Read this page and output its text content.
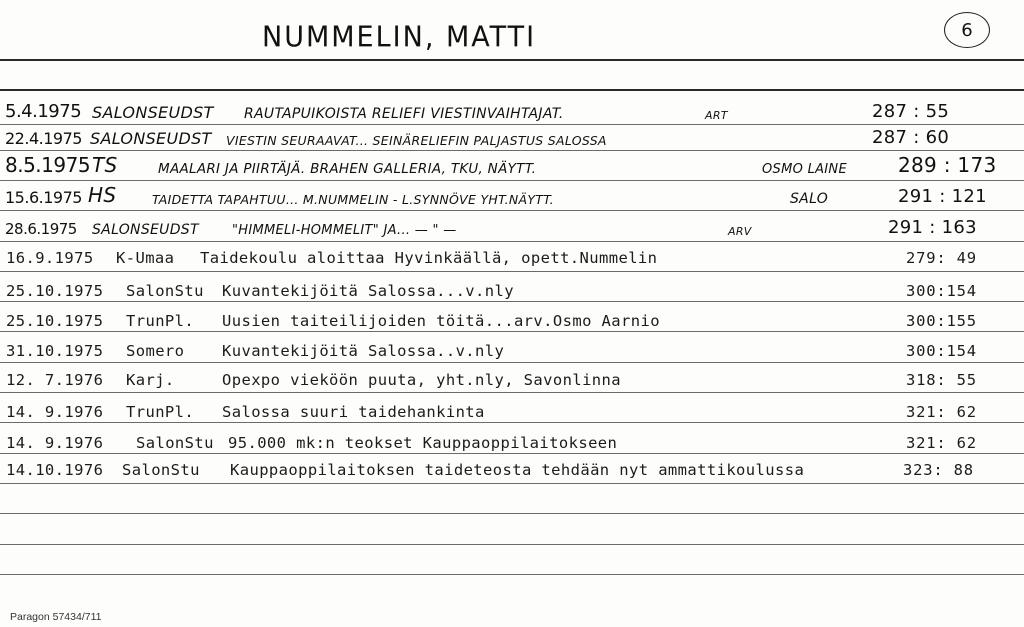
NUMMELIN, MATTI	6
5.4.1975 SALONSEUDST RAUTAPUIKOISTA RELIEFI VIESTINVAIHTAJAT.	ART	287 : 55
22.4.1975 SALONSEUDST VIESTIN SEURAAVAT... SEINÄRELIEFIN PALJASTUS SALOSSA	287 : 60
8.5.1975 TS	MAALARI JA PIIRTÄJÄ. BRAHEN GALLERIA, TKU, NÄYTT.	OSMO LAINE	289 : 173
15.6.1975 HS	TAIDETTA TAPAHTUU... M.NUMMELIN - L.SYNNÖVE YHT.NÄYTT.	SALO	291 : 121
28.6.1975 SALONSEUDST	"HIMMELI-HOMMELIT" JA... — " —	ARV	291 : 163
16.9.1975 K-Umaa Taidekoulu aloittaa Hyvinkäällä, opett.Nummelin	279: 49
25.10.1975 SalonStu Kuvantekijöitä Salossa...v.nly	300:154
25.10.1975 TrunPl. Uusien taiteilijoiden töitä...arv.Osmo Aarnio	300:155
31.10.1975 Somero Kuvantekijöitä Salossa..v.nly	300:154
12. 7.1976 Karj.	Opexpo vieköön puuta, yht.nly, Savonlinna	318: 55
14. 9.1976 TrunPl. Salossa suuri taidehankinta	321: 62
14. 9.1976 SalonStu 95.000 mk:n teokset Kauppaoppilaitokseen	321: 62
14.10.1976 SalonStu Kauppaoppilaitoksen taideteosta tehdään nyt ammattikoulussa	323: 88
Paragon 57434/711
